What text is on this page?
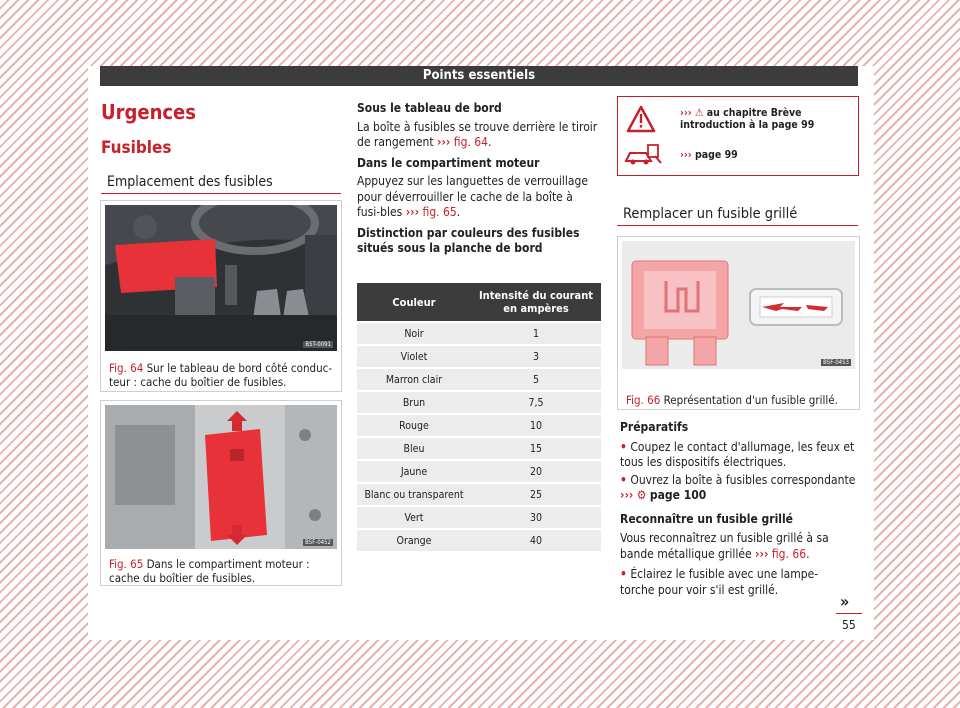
Points essentiels
Urgences
Fusibles
Emplacement des fusibles
B5T-0091
Fig. 64 Sur le tableau de bord côté conduc-teur : cache du boîtier de fusibles.
B5F-0452
Fig. 65 Dans le compartiment moteur : cache du boîtier de fusibles.
Sous le tableau de bord
La boîte à fusibles se trouve derrière le tiroir de rangement ››› fig. 64.
Dans le compartiment moteur
Appuyez sur les languettes de verrouillage pour déverrouiller le cache de la boîte à fusi-bles ››› fig. 65.
Distinction par couleurs des fusibles situés sous la planche de bord
Couleur	Intensité du courant en ampères
Noir	1
Violet	3
Marron clair	5
Brun	7,5
Rouge	10
Bleu	15
Jaune	20
Blanc ou transparent	25
Vert	30
Orange	40
››› ⚠ au chapitre Brève introduction à la page 99
››› page 99
Remplacer un fusible grillé
B5F-0453
Fig. 66 Représentation d'un fusible grillé.
Préparatifs
• Coupez le contact d'allumage, les feux et tous les dispositifs électriques.
• Ouvrez la boîte à fusibles correspondante
››› ⚙ page 100
Reconnaître un fusible grillé
Vous reconnaîtrez un fusible grillé à sa bande métallique grillée ››› fig. 66.
• Éclairez le fusible avec une lampe-torche pour voir s'il est grillé.
»
55
